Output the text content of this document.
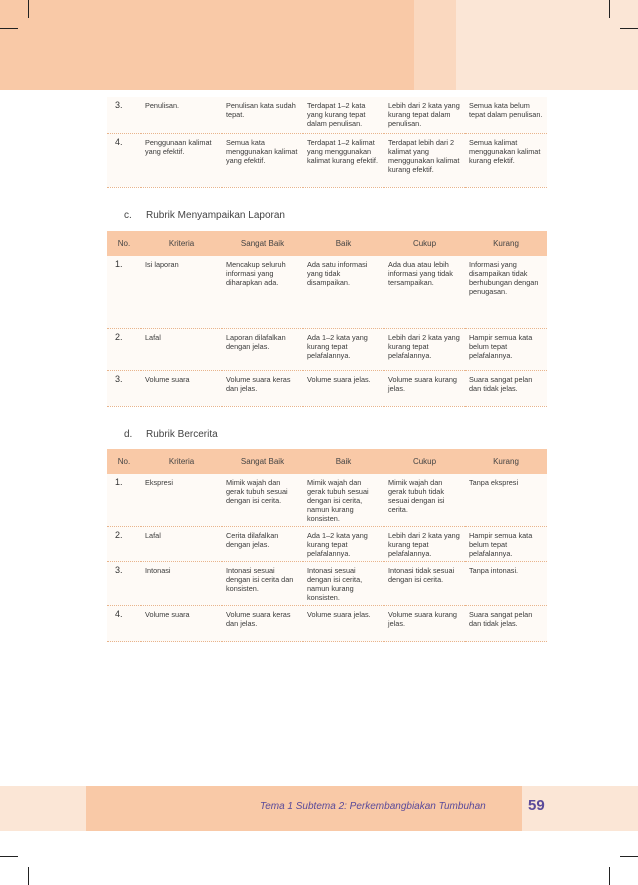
3.	Penulisan.	Penulisan kata sudah tepat.	Terdapat 1–2 kata yang kurang tepat dalam penulisan.	Lebih dari 2 kata yang kurang tepat dalam penulisan.	Semua kata belum tepat dalam penulisan.
4.	Penggunaan kalimat yang efektif.	Semua kata menggunakan kalimat yang efektif.	Terdapat 1–2 kalimat yang menggunakan kalimat kurang efektif.	Terdapat lebih dari 2 kalimat yang menggunakan kalimat kurang efektif.	Semua kalimat menggunakan kalimat kurang efektif.
c. Rubrik Menyampaikan Laporan
No.	Kriteria	Sangat Baik	Baik	Cukup	Kurang
1.	Isi laporan	Mencakup seluruh informasi yang diharapkan ada.	Ada satu informasi yang tidak disampaikan.	Ada dua atau lebih informasi yang tidak tersampaikan.	Informasi yang disampaikan tidak berhubungan dengan penugasan.
2.	Lafal	Laporan dilafalkan dengan jelas.	Ada 1–2 kata yang kurang tepat pelafalannya.	Lebih dari 2 kata yang kurang tepat pelafalannya.	Hampir semua kata belum tepat pelafalannya.
3.	Volume suara	Volume suara keras dan jelas.	Volume suara jelas.	Volume suara kurang jelas.	Suara sangat pelan dan tidak jelas.
d. Rubrik Bercerita
No.	Kriteria	Sangat Baik	Baik	Cukup	Kurang
1.	Ekspresi	Mimik wajah dan gerak tubuh sesuai dengan isi cerita.	Mimik wajah dan gerak tubuh sesuai dengan isi cerita, namun kurang konsisten.	Mimik wajah dan gerak tubuh tidak sesuai dengan isi cerita.	Tanpa ekspresi
2.	Lafal	Cerita dilafalkan dengan jelas.	Ada 1–2 kata yang kurang tepat pelafalannya.	Lebih dari 2 kata yang kurang tepat pelafalannya.	Hampir semua kata belum tepat pelafalannya.
3.	Intonasi	Intonasi sesuai dengan isi cerita dan konsisten.	Intonasi sesuai dengan isi cerita, namun kurang konsisten.	Intonasi tidak sesuai dengan isi cerita.	Tanpa intonasi.
4.	Volume suara	Volume suara keras dan jelas.	Volume suara jelas.	Volume suara kurang jelas.	Suara sangat pelan dan tidak jelas.
Tema 1 Subtema 2: Perkembangbiakan Tumbuhan	59
